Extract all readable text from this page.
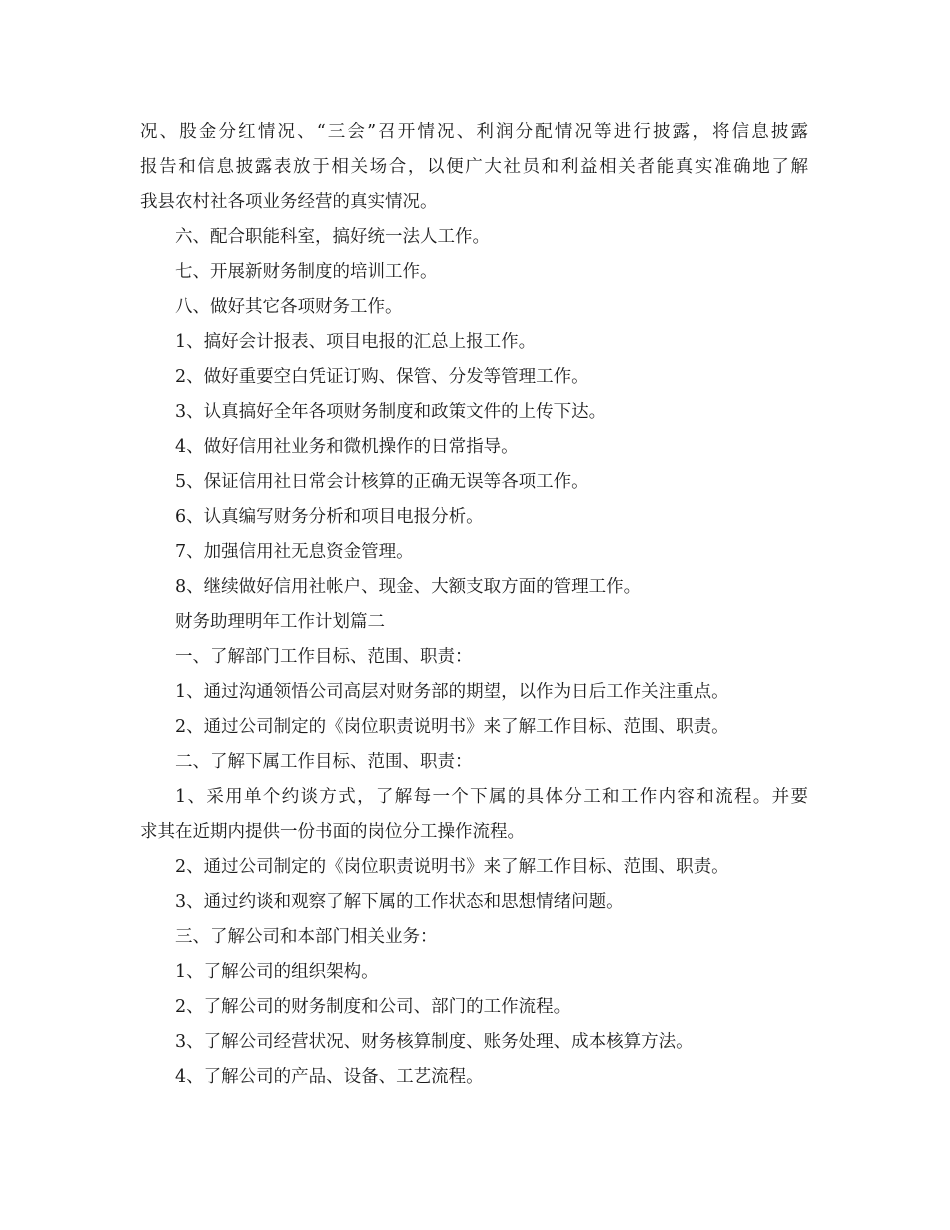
况、股金分红情况、“三会”召开情况、利润分配情况等进行披露，将信息披露
报告和信息披露表放于相关场合，以便广大社员和利益相关者能真实准确地了解
我县农村社各项业务经营的真实情况。
六、配合职能科室，搞好统一法人工作。
七、开展新财务制度的培训工作。
八、做好其它各项财务工作。
1、搞好会计报表、项目电报的汇总上报工作。
2、做好重要空白凭证订购、保管、分发等管理工作。
3、认真搞好全年各项财务制度和政策文件的上传下达。
4、做好信用社业务和微机操作的日常指导。
5、保证信用社日常会计核算的正确无误等各项工作。
6、认真编写财务分析和项目电报分析。
7、加强信用社无息资金管理。
8、继续做好信用社帐户、现金、大额支取方面的管理工作。
财务助理明年工作计划篇二
一、了解部门工作目标、范围、职责：
1、通过沟通领悟公司高层对财务部的期望，以作为日后工作关注重点。
2、通过公司制定的《岗位职责说明书》来了解工作目标、范围、职责。
二、了解下属工作目标、范围、职责：
1、采用单个约谈方式，了解每一个下属的具体分工和工作内容和流程。并要
求其在近期内提供一份书面的岗位分工操作流程。
2、通过公司制定的《岗位职责说明书》来了解工作目标、范围、职责。
3、通过约谈和观察了解下属的工作状态和思想情绪问题。
三、了解公司和本部门相关业务：
1、了解公司的组织架构。
2、了解公司的财务制度和公司、部门的工作流程。
3、了解公司经营状况、财务核算制度、账务处理、成本核算方法。
4、了解公司的产品、设备、工艺流程。
